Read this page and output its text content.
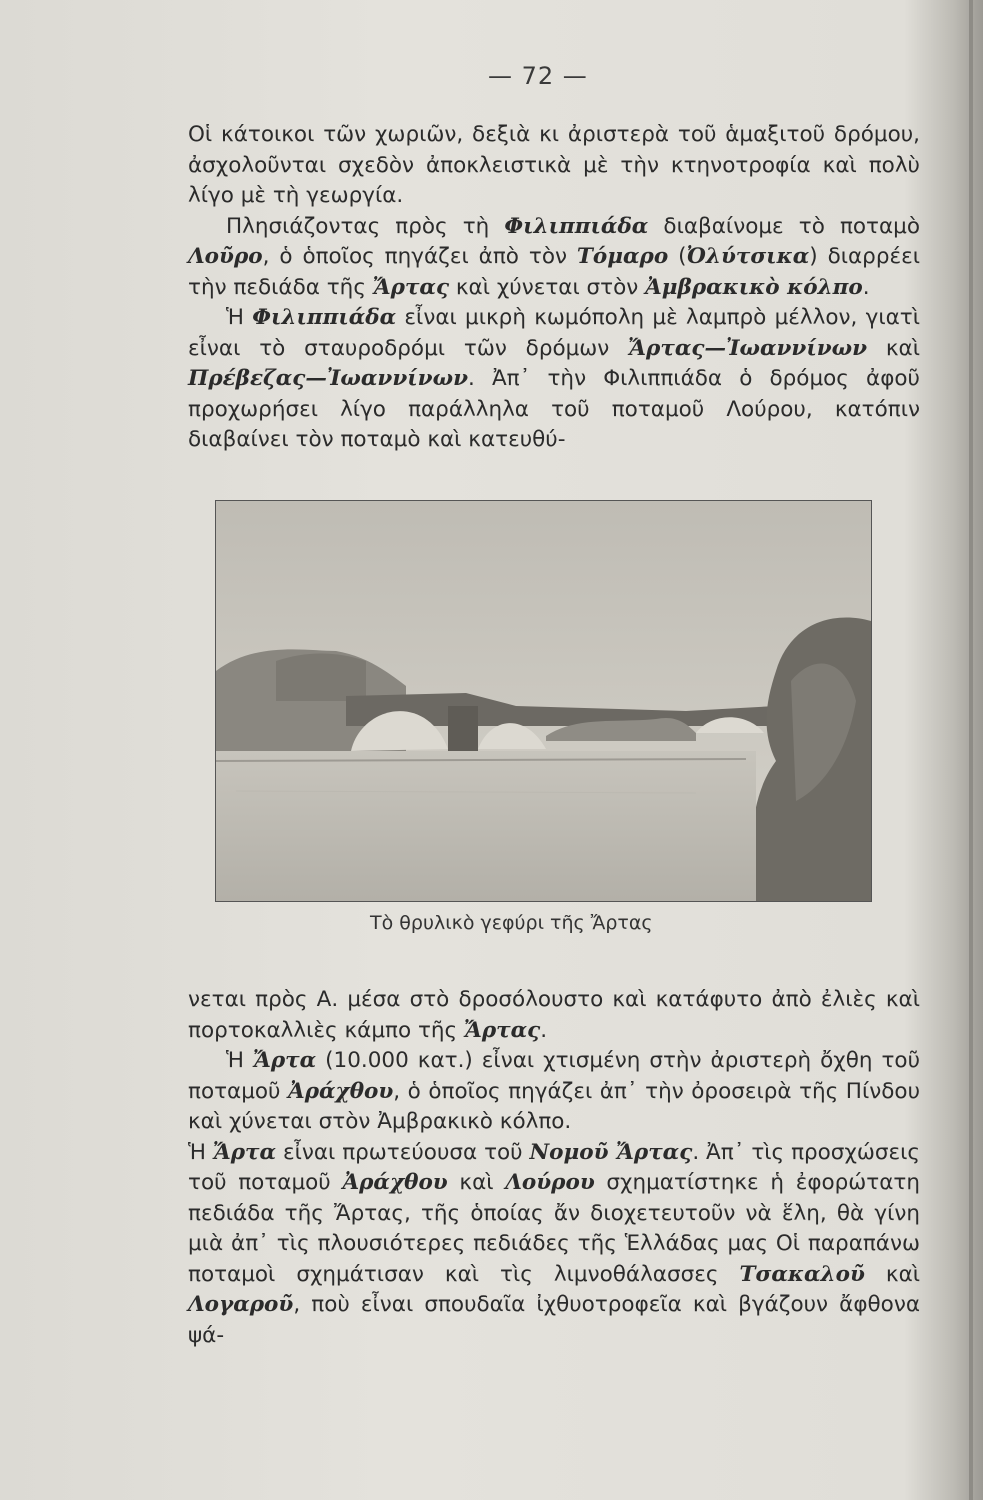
— 72 —

Οἱ κάτοικοι τῶν χωριῶν, δεξιὰ κι ἀριστερὰ τοῦ ἁμαξιτοῦ δρόμου, ἀσχολοῦνται σχεδὸν ἀποκλειστικὰ μὲ τὴν κτηνοτροφία καὶ πολὺ λίγο μὲ τὴ γεωργία.

Πλησιάζοντας πρὸς τὴ Φιλιππιάδα διαβαίνομε τὸ ποταμὸ Λοῦρο, ὁ ὁποῖος πηγάζει ἀπὸ τὸν Τόμαρο (Ὀλύτσικα) διαρρέει τὴν πεδιάδα τῆς Ἄρτας καὶ χύνεται στὸν Ἀμβρακικὸ κόλπο.

Ἡ Φιλιππιάδα εἶναι μικρὴ κωμόπολη μὲ λαμπρὸ μέλλον, γιατὶ εἶναι τὸ σταυροδρόμι τῶν δρόμων Ἄρτας—Ἰωαννίνων καὶ Πρέβεζας—Ἰωαννίνων. Ἀπ᾽ τὴν Φιλιππιάδα ὁ δρόμος ἀφοῦ προχωρήσει λίγο παράλληλα τοῦ ποταμοῦ Λούρου, κατόπιν διαβαίνει τὸν ποταμὸ καὶ κατευθύ-

Τὸ θρυλικὸ γεφύρι τῆς Ἄρτας

νεται πρὸς Α. μέσα στὸ δροσόλουστο καὶ κατάφυτο ἀπὸ ἐλιὲς καὶ πορτοκαλλιὲς κάμπο τῆς Ἄρτας.

Ἡ Ἄρτα (10.000 κατ.) εἶναι χτισμένη στὴν ἀριστερὴ ὄχθη τοῦ ποταμοῦ Ἀράχθου, ὁ ὁποῖος πηγάζει ἀπ᾽ τὴν ὀροσειρὰ τῆς Πίνδου καὶ χύνεται στὸν Ἀμβρακικὸ κόλπο.

Ἡ Ἄρτα εἶναι πρωτεύουσα τοῦ Νομοῦ Ἄρτας. Ἀπ᾽ τὶς προσχώσεις τοῦ ποταμοῦ Ἀράχθου καὶ Λούρου σχηματίστηκε ἡ ἐφορώτατη πεδιάδα τῆς Ἄρτας, τῆς ὁποίας ἄν διοχετευτοῦν νὰ ἕλη, θὰ γίνη μιὰ ἀπ᾽ τὶς πλουσιότερες πεδιάδες τῆς Ἑλλάδας μας Οἱ παραπάνω ποταμοὶ σχημάτισαν καὶ τὶς λιμνοθάλασσες Τσακαλοῦ καὶ Λογαροῦ, ποὺ εἶναι σπουδαῖα ἰχθυοτροφεῖα καὶ βγάζουν ἄφθονα ψά-
